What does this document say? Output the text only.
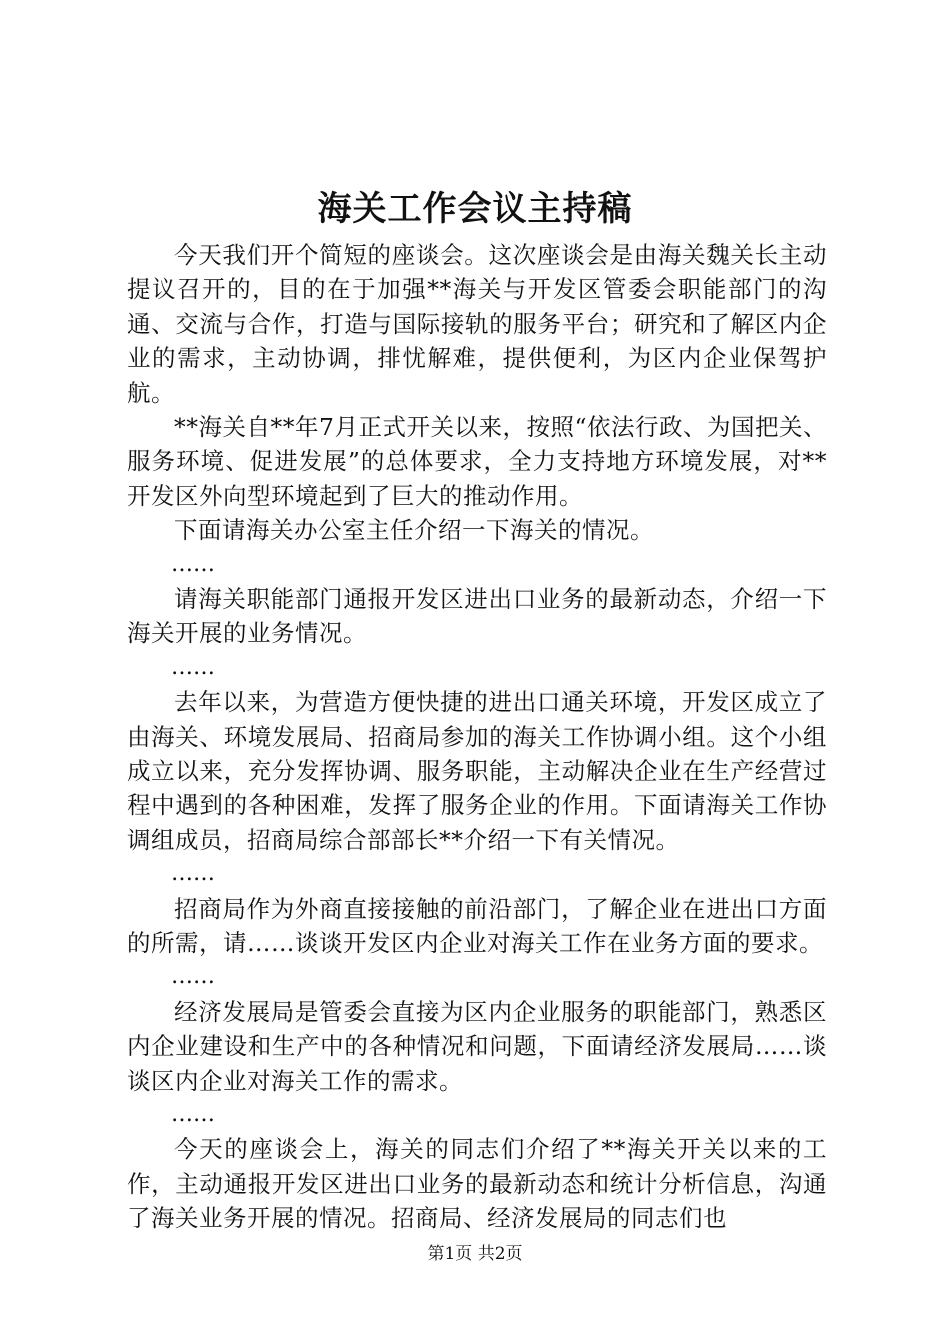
海关工作会议主持稿

今天我们开个简短的座谈会。这次座谈会是由海关魏关长主动提议召开的，目的在于加强**海关与开发区管委会职能部门的沟通、交流与合作，打造与国际接轨的服务平台；研究和了解区内企业的需求，主动协调，排忧解难，提供便利，为区内企业保驾护航。

**海关自**年7月正式开关以来，按照“依法行政、为国把关、服务环境、促进发展”的总体要求，全力支持地方环境发展，对**开发区外向型环境起到了巨大的推动作用。

下面请海关办公室主任介绍一下海关的情况。

……

请海关职能部门通报开发区进出口业务的最新动态，介绍一下海关开展的业务情况。

……

去年以来，为营造方便快捷的进出口通关环境，开发区成立了由海关、环境发展局、招商局参加的海关工作协调小组。这个小组成立以来，充分发挥协调、服务职能，主动解决企业在生产经营过程中遇到的各种困难，发挥了服务企业的作用。下面请海关工作协调组成员，招商局综合部部长**介绍一下有关情况。

……

招商局作为外商直接接触的前沿部门，了解企业在进出口方面的所需，请……谈谈开发区内企业对海关工作在业务方面的要求。

……

经济发展局是管委会直接为区内企业服务的职能部门，熟悉区内企业建设和生产中的各种情况和问题，下面请经济发展局……谈谈区内企业对海关工作的需求。

……

今天的座谈会上，海关的同志们介绍了**海关开关以来的工作，主动通报开发区进出口业务的最新动态和统计分析信息，沟通了海关业务开展的情况。招商局、经济发展局的同志们也

第1页 共2页
